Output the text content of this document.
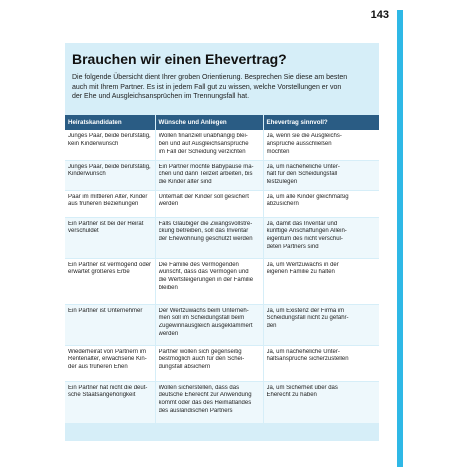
143
Brauchen wir einen Ehevertrag?
Die folgende Übersicht dient Ihrer groben Orientierung. Besprechen Sie diese am besten
auch mit Ihrem Partner. Es ist in jedem Fall gut zu wissen, welche Vorstellungen er von
der Ehe und Ausgleichsansprüchen im Trennungsfall hat.
Heiratskandidaten	Wünsche und Anliegen	Ehevertrag sinnvoll?

Junges Paar, beide berufstätig,
kein Kinderwunsch	Wollen finanziell unabhängig blei-
ben und auf Ausgleichsansprüche
im Fall der Scheidung verzichten	Ja, wenn sie die Ausgleichs-
ansprüche ausschließen
möchten

Junges Paar, beide berufstätig,
Kinderwunsch	Ein Partner möchte Babypause ma-
chen und dann Teilzeit arbeiten, bis
die Kinder älter sind	Ja, um nacheheliche Unter-
halt für den Scheidungsfall
festzulegen

Paar im mittleren Alter, Kinder
aus früheren Beziehungen	Unterhalt der Kinder soll gesichert
werden	Ja, um alle Kinder gleichmäßig
abzusichern

Ein Partner ist bei der Heirat
verschuldet	Falls Gläubiger die Zwangsvollstre-
ckung betreiben, soll das Inventar
der Ehewohnung geschützt werden	Ja, damit das Inventar und
künftige Anschaffungen Allein-
eigentum des nicht verschul-
deten Partners sind

Ein Partner ist vermögend oder
erwartet größeres Erbe	Die Familie des Vermögenden
wünscht, dass das Vermögen und
die Wertsteigerungen in der Familie
bleiben	Ja, um Wertzuwachs in der
eigenen Familie zu halten

Ein Partner ist Unternehmer	Der Wertzuwachs beim Unterneh-
men soll im Scheidungsfall beim
Zugewinnausgleich ausgeklammert
werden	Ja, um Existenz der Firma im
Scheidungsfall nicht zu gefähr-
den

Wiederheirat von Partnern im
Rentenalter, erwachsene Kin-
der aus früheren Ehen	Partner wollen sich gegenseitig
bestmöglich auch für den Schei-
dungsfall absichern	Ja, um nacheheliche Unter-
haltsansprüche sicherzustellen

Ein Partner hat nicht die deut-
sche Staatsangehörigkeit	Wollen sicherstellen, dass das
deutsche Eherecht zur Anwendung
kommt oder das des Heimatlandes
des ausländischen Partners	Ja, um Sicherheit über das
Eherecht zu haben
